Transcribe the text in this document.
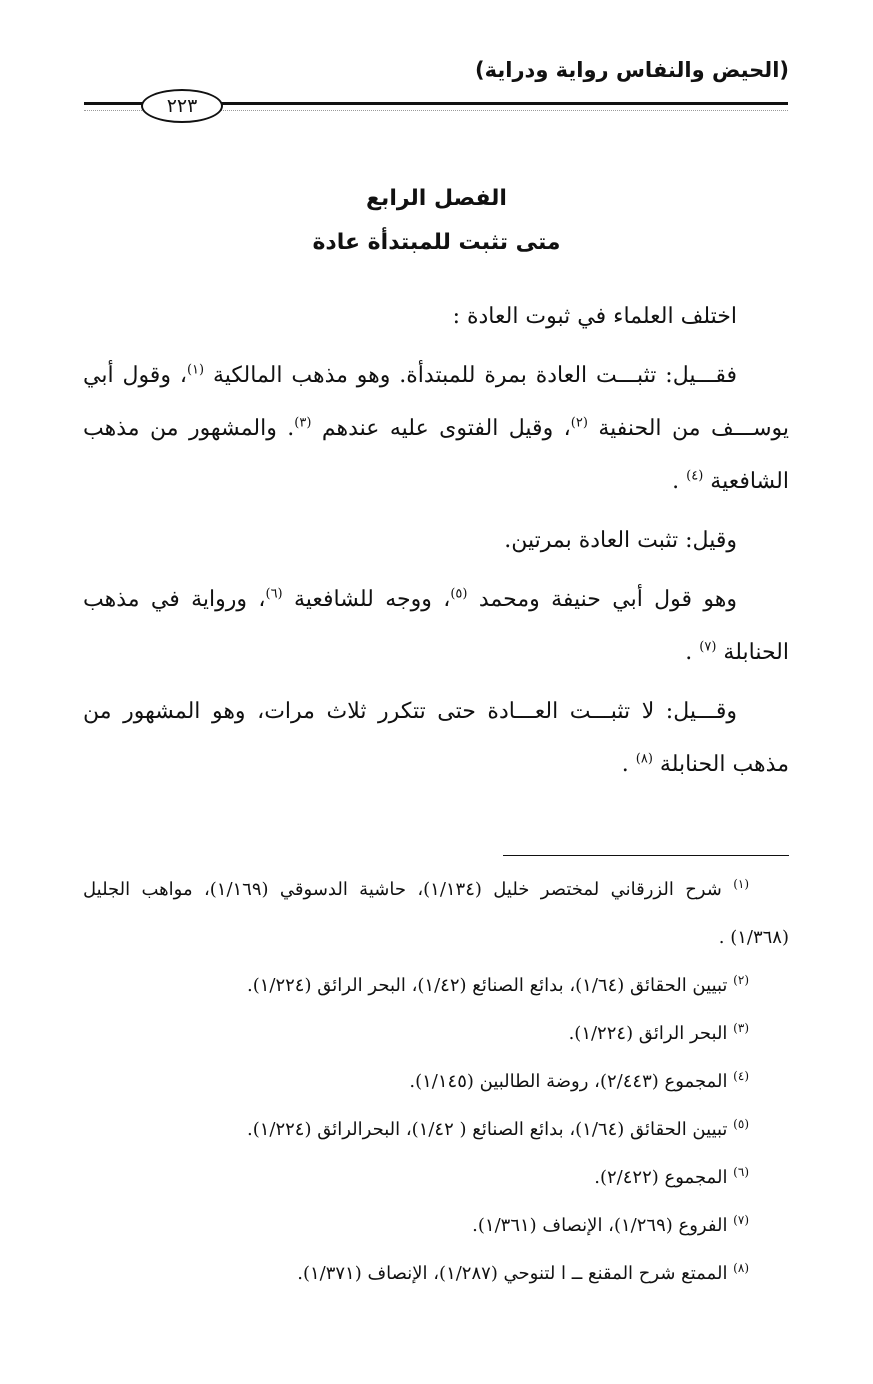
(الحيض والنفاس رواية ودراية)
٢٢٣
الفصل الرابع
متى تثبت للمبتدأة عادة

اختلف العلماء في ثبوت العادة :

فقـــيل: تثبـــت العادة بمرة للمبتدأة. وهو مذهب المالكية $^{(١)}$، وقول أبي يوســـف من الحنفية $^{(٢)}$، وقيل الفتوى عليه عندهم $^{(٣)}$. والمشهور من مذهب الشافعية $^{(٤)}$ .

وقيل: تثبت العادة بمرتين.

وهو قول أبي حنيفة ومحمد $^{(٥)}$، ووجه للشافعية $^{(٦)}$، ورواية في مذهب الحنابلة $^{(٧)}$ .

وقـــيل: لا تثبـــت العـــادة حتى تتكرر ثلاث مرات، وهو المشهور من مذهب الحنابلة $^{(٨)}$ .

$^{(١)}$ شرح الزرقاني لمختصر خليل (١/١٣٤)، حاشية الدسوقي (١/١٦٩)، مواهب الجليل (١/٣٦٨) .

$^{(٢)}$ تبيين الحقائق (١/٦٤)، بدائع الصنائع (١/٤٢)، البحر الرائق (١/٢٢٤).

$^{(٣)}$ البحر الرائق (١/٢٢٤).

$^{(٤)}$ المجموع (٢/٤٤٣)، روضة الطالبين (١/١٤٥).

$^{(٥)}$ تبيين الحقائق (١/٦٤)، بدائع الصنائع ( ١/٤٢)، البحرالرائق (١/٢٢٤).

$^{(٦)}$ المجموع (٢/٤٢٢).

$^{(٧)}$ الفروع (١/٢٦٩)، الإنصاف (١/٣٦١).

$^{(٨)}$ الممتع شرح المقنع ــ ا لتنوحي (١/٢٨٧)، الإنصاف (١/٣٧١).
